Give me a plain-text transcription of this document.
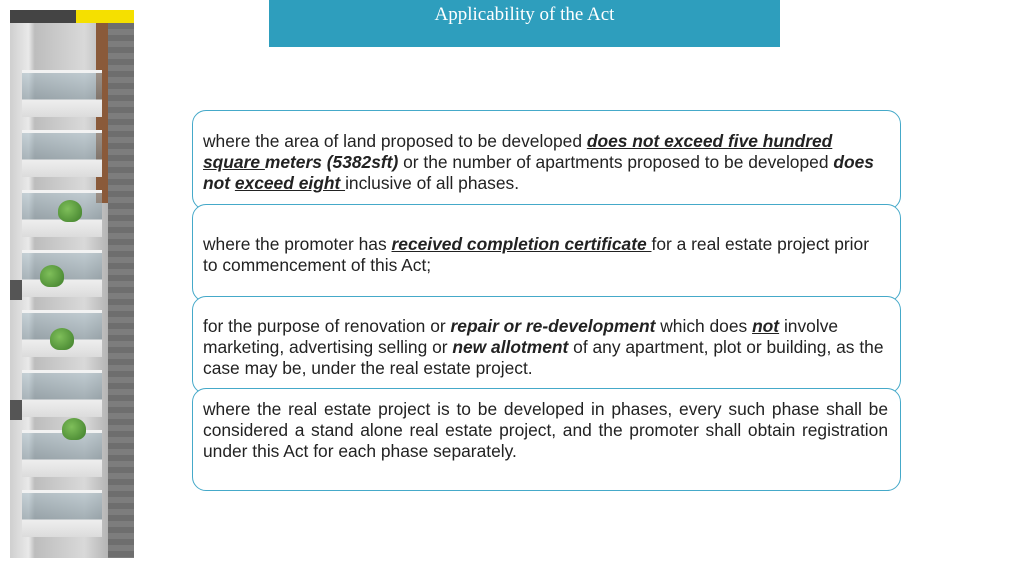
Applicability of the Act
where the area of land proposed to be developed does not exceed five hundred square meters (5382sft) or the number of apartments proposed to be developed does not exceed eight inclusive of all phases.
where the promoter has received completion certificate for a real estate project prior to commencement of this Act;
for the purpose of renovation or repair or re-development which does not involve marketing, advertising selling or new allotment of any apartment, plot or building, as the case may be, under the real estate project.
where the real estate project is to be developed in phases, every such phase shall be considered a stand alone real estate project, and the promoter shall obtain registration under this Act for each phase separately.
